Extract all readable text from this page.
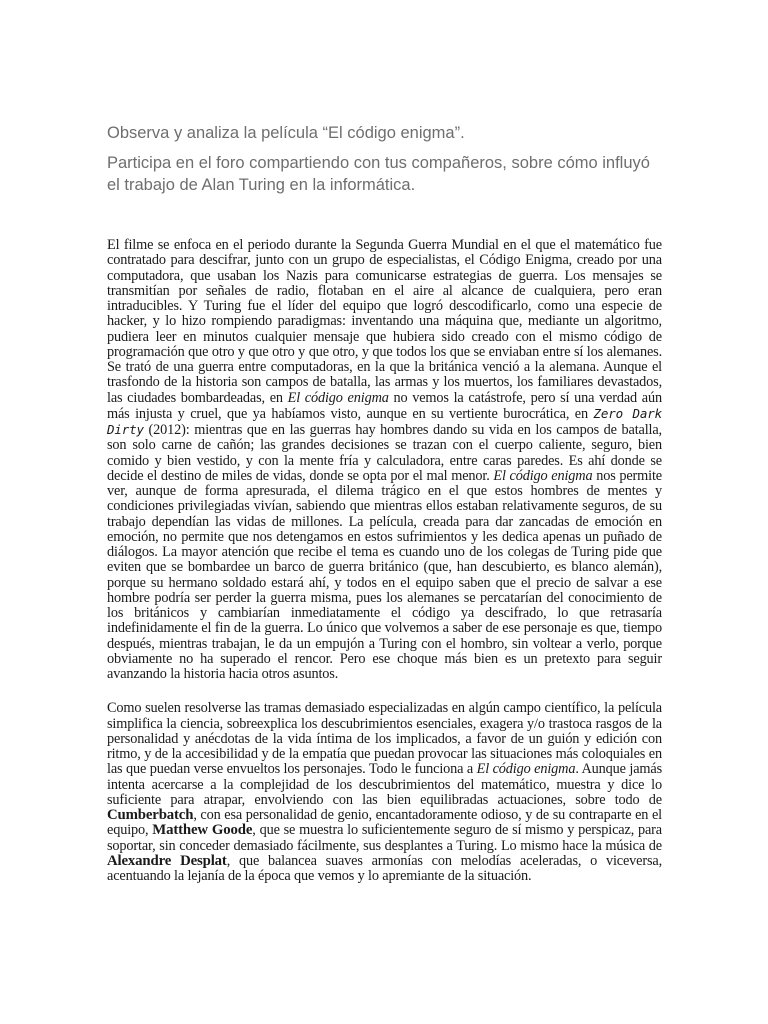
Observa y analiza la película “El código enigma”.

Participa en el foro compartiendo con tus compañeros, sobre cómo influyó el trabajo de Alan Turing en la informática.

El filme se enfoca en el periodo durante la Segunda Guerra Mundial en el que el matemático fue contratado para descifrar, junto con un grupo de especialistas, el Código Enigma, creado por una computadora, que usaban los Nazis para comunicarse estrategias de guerra. Los mensajes se transmitían por señales de radio, flotaban en el aire al alcance de cualquiera, pero eran intraducibles. Y Turing fue el líder del equipo que logró descodificarlo, como una especie de hacker, y lo hizo rompiendo paradigmas: inventando una máquina que, mediante un algoritmo, pudiera leer en minutos cualquier mensaje que hubiera sido creado con el mismo código de programación que otro y que otro y que otro, y que todos los que se enviaban entre sí los alemanes. Se trató de una guerra entre computadoras, en la que la británica venció a la alemana. Aunque el trasfondo de la historia son campos de batalla, las armas y los muertos, los familiares devastados, las ciudades bombardeadas, en El código enigma no vemos la catástrofe, pero sí una verdad aún más injusta y cruel, que ya habíamos visto, aunque en su vertiente burocrática, en Zero Dark Dirty (2012): mientras que en las guerras hay hombres dando su vida en los campos de batalla, son solo carne de cañón; las grandes decisiones se trazan con el cuerpo caliente, seguro, bien comido y bien vestido, y con la mente fría y calculadora, entre caras paredes. Es ahí donde se decide el destino de miles de vidas, donde se opta por el mal menor. El código enigma nos permite ver, aunque de forma apresurada, el dilema trágico en el que estos hombres de mentes y condiciones privilegiadas vivían, sabiendo que mientras ellos estaban relativamente seguros, de su trabajo dependían las vidas de millones. La película, creada para dar zancadas de emoción en emoción, no permite que nos detengamos en estos sufrimientos y les dedica apenas un puñado de diálogos. La mayor atención que recibe el tema es cuando uno de los colegas de Turing pide que eviten que se bombardee un barco de guerra británico (que, han descubierto, es blanco alemán), porque su hermano soldado estará ahí, y todos en el equipo saben que el precio de salvar a ese hombre podría ser perder la guerra misma, pues los alemanes se percatarían del conocimiento de los británicos y cambiarían inmediatamente el código ya descifrado, lo que retrasaría indefinidamente el fin de la guerra. Lo único que volvemos a saber de ese personaje es que, tiempo después, mientras trabajan, le da un empujón a Turing con el hombro, sin voltear a verlo, porque obviamente no ha superado el rencor. Pero ese choque más bien es un pretexto para seguir avanzando la historia hacia otros asuntos.

Como suelen resolverse las tramas demasiado especializadas en algún campo científico, la película simplifica la ciencia, sobreexplica los descubrimientos esenciales, exagera y/o trastoca rasgos de la personalidad y anécdotas de la vida íntima de los implicados, a favor de un guión y edición con ritmo, y de la accesibilidad y de la empatía que puedan provocar las situaciones más coloquiales en las que puedan verse envueltos los personajes. Todo le funciona a El código enigma. Aunque jamás intenta acercarse a la complejidad de los descubrimientos del matemático, muestra y dice lo suficiente para atrapar, envolviendo con las bien equilibradas actuaciones, sobre todo de Cumberbatch, con esa personalidad de genio, encantadoramente odioso, y de su contraparte en el equipo, Matthew Goode, que se muestra lo suficientemente seguro de sí mismo y perspicaz, para soportar, sin conceder demasiado fácilmente, sus desplantes a Turing. Lo mismo hace la música de Alexandre Desplat, que balancea suaves armonías con melodías aceleradas, o viceversa, acentuando la lejanía de la época que vemos y lo apremiante de la situación.
